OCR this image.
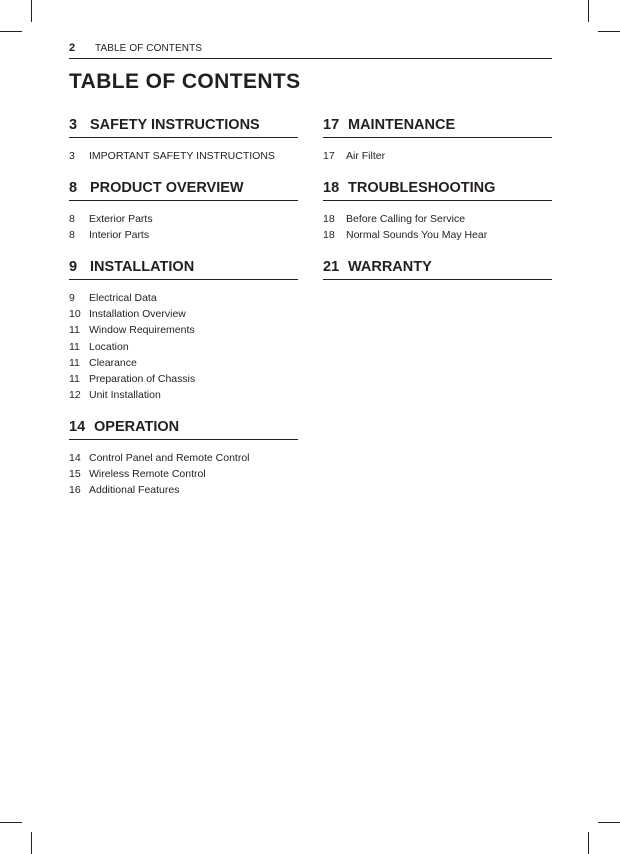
2 TABLE OF CONTENTS
TABLE OF CONTENTS
3 SAFETY INSTRUCTIONS
3 IMPORTANT SAFETY INSTRUCTIONS
8 PRODUCT OVERVIEW
8 Exterior Parts
8 Interior Parts
9 INSTALLATION
9 Electrical Data
10 Installation Overview
11 Window Requirements
11 Location
11 Clearance
11 Preparation of Chassis
12 Unit Installation
14 OPERATION
14 Control Panel and Remote Control
15 Wireless Remote Control
16 Additional Features
17 MAINTENANCE
17 Air Filter
18 TROUBLESHOOTING
18 Before Calling for Service
18 Normal Sounds You May Hear
21 WARRANTY
